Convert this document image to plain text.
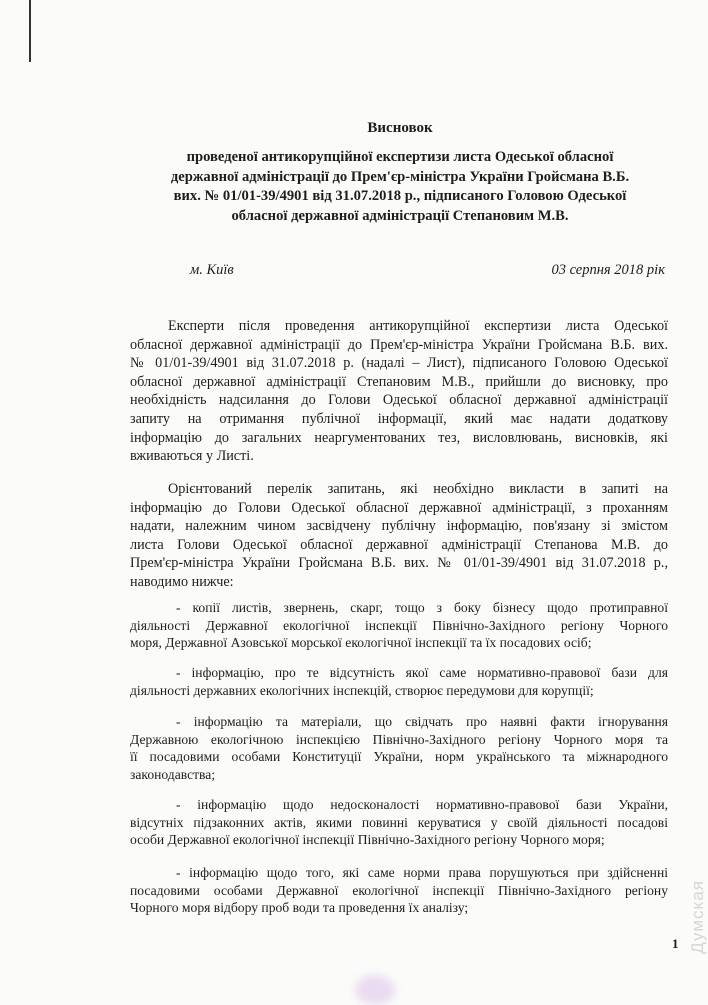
Висновок
проведеної антикорупційної експертизи листа Одеської обласної
державної адміністрації до Прем'єр-міністра України Гройсмана В.Б.
вих. № 01/01-39/4901 від 31.07.2018 р., підписаного Головою Одеської
обласної державної адміністрації Степановим М.В.
м. Київ	03 серпня 2018 рік
Експерти після проведення антикорупційної експертизи листа Одеської
обласної державної адміністрації до Прем'єр-міністра України Гройсмана В.Б. вих.
№ 01/01-39/4901 від 31.07.2018 р. (надалі – Лист), підписаного Головою Одеської
обласної державної адміністрації Степановим М.В., прийшли до висновку, про
необхідність надсилання до Голови Одеської обласної державної адміністрації
запиту на отримання публічної інформації, який має надати додаткову
інформацію до загальних неаргументованих тез, висловлювань, висновків, які
вживаються у Листі.
Орієнтований перелік запитань, які необхідно викласти в запиті на
інформацію до Голови Одеської обласної державної адміністрації, з проханням
надати, належним чином засвідчену публічну інформацію, пов'язану зі змістом
листа Голови Одеської обласної державної адміністрації Степанова М.В. до
Прем'єр-міністра України Гройсмана В.Б. вих. № 01/01-39/4901 від 31.07.2018 р.,
наводимо нижче:
- копії листів, звернень, скарг, тощо з боку бізнесу щодо протиправної
діяльності Державної екологічної інспекції Північно-Західного регіону Чорного
моря, Державної Азовської морської екологічної інспекції та їх посадових осіб;
- інформацію, про те відсутність якої саме нормативно-правової бази для
діяльності державних екологічних інспекцій, створює передумови для корупції;
- інформацію та матеріали, що свідчать про наявні факти ігнорування
Державною екологічною інспекцією Північно-Західного регіону Чорного моря та
її посадовими особами Конституції України, норм українського та міжнародного
законодавства;
- інформацію щодо недосконалості нормативно-правової бази України,
відсутніх підзаконних актів, якими повинні керуватися у своїй діяльності посадові
особи Державної екологічної інспекції Північно-Західного регіону Чорного моря;
- інформацію щодо того, які саме норми права порушуються при здійсненні
посадовими особами Державної екологічної інспекції Північно-Західного регіону
Чорного моря відбору проб води та проведення їх аналізу;
1 Думская
